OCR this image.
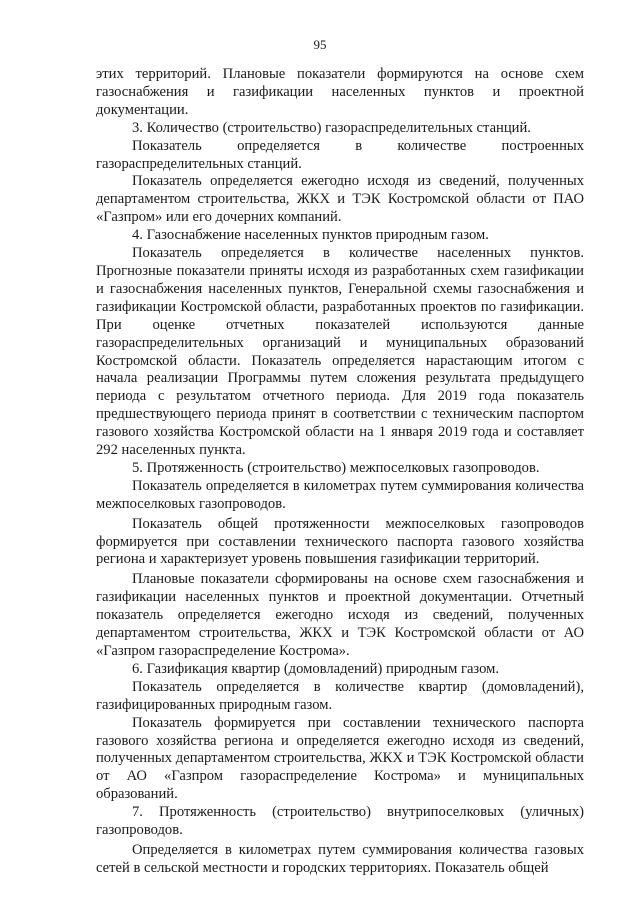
95

этих территорий. Плановые показатели формируются на основе схем газоснабжения и газификации населенных пунктов и проектной документации.

3. Количество (строительство) газораспределительных станций.

Показатель определяется в количестве построенных газораспределительных станций.

Показатель определяется ежегодно исходя из сведений, полученных департаментом строительства, ЖКХ и ТЭК Костромской области от ПАО «Газпром» или его дочерних компаний.

4. Газоснабжение населенных пунктов природным газом.

Показатель определяется в количестве населенных пунктов. Прогнозные показатели приняты исходя из разработанных схем газификации и газоснабжения населенных пунктов, Генеральной схемы газоснабжения и газификации Костромской области, разработанных проектов по газификации. При оценке отчетных показателей используются данные газораспределительных организаций и муниципальных образований Костромской области. Показатель определяется нарастающим итогом с начала реализации Программы путем сложения результата предыдущего периода с результатом отчетного периода. Для 2019 года показатель предшествующего периода принят в соответствии с техническим паспортом газового хозяйства Костромской области на 1 января 2019 года и составляет 292 населенных пункта.

5. Протяженность (строительство) межпоселковых газопроводов.

Показатель определяется в километрах путем суммирования количества межпоселковых газопроводов.

Показатель общей протяженности межпоселковых газопроводов формируется при составлении технического паспорта газового хозяйства региона и характеризует уровень повышения газификации территорий.

Плановые показатели сформированы на основе схем газоснабжения и газификации населенных пунктов и проектной документации. Отчетный показатель определяется ежегодно исходя из сведений, полученных департаментом строительства, ЖКХ и ТЭК Костромской области от АО «Газпром газораспределение Кострома».

6. Газификация квартир (домовладений) природным газом.

Показатель определяется в количестве квартир (домовладений), газифицированных природным газом.

Показатель формируется при составлении технического паспорта газового хозяйства региона и определяется ежегодно исходя из сведений, полученных департаментом строительства, ЖКХ и ТЭК Костромской области от АО «Газпром газораспределение Кострома» и муниципальных образований.

7. Протяженность (строительство) внутрипоселковых (уличных) газопроводов.

Определяется в километрах путем суммирования количества газовых сетей в сельской местности и городских территориях. Показатель общей
